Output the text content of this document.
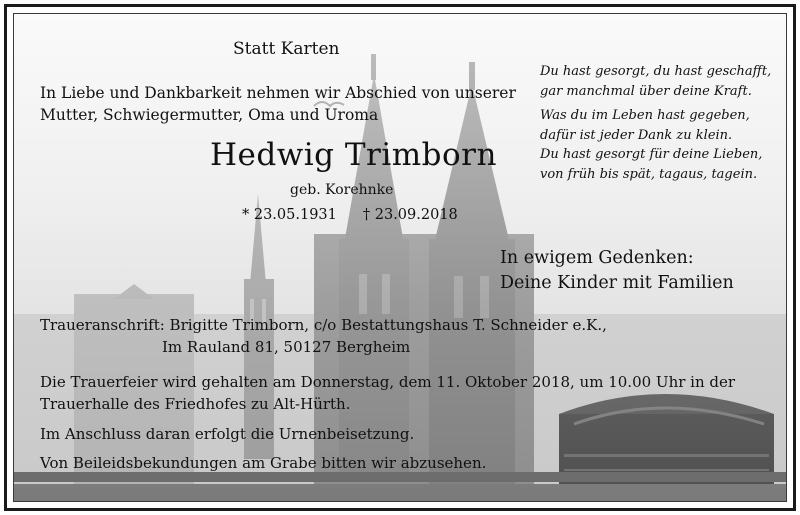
Statt Karten
In Liebe und Dankbarkeit nehmen wir Abschied von unserer
Mutter, Schwiegermutter, Oma und Uroma
Hedwig Trimborn
geb. Korehnke
* 23.05.1931 † 23.09.2018

Du hast gesorgt, du hast geschafft,
gar manchmal über deine Kraft.

Was du im Leben hast gegeben,
dafür ist jeder Dank zu klein.
Du hast gesorgt für deine Lieben,
von früh bis spät, tagaus, tagein.

In ewigem Gedenken:
Deine Kinder mit Familien
Traueranschrift: Brigitte Trimborn, c/o Bestattungshaus T. Schneider e.K.,
Im Rauland 81, 50127 Bergheim
Die Trauerfeier wird gehalten am Donnerstag, dem 11. Oktober 2018, um 10.00 Uhr in der
Trauerhalle des Friedhofes zu Alt-Hürth.
Im Anschluss daran erfolgt die Urnenbeisetzung.
Von Beileidsbekundungen am Grabe bitten wir abzusehen.
